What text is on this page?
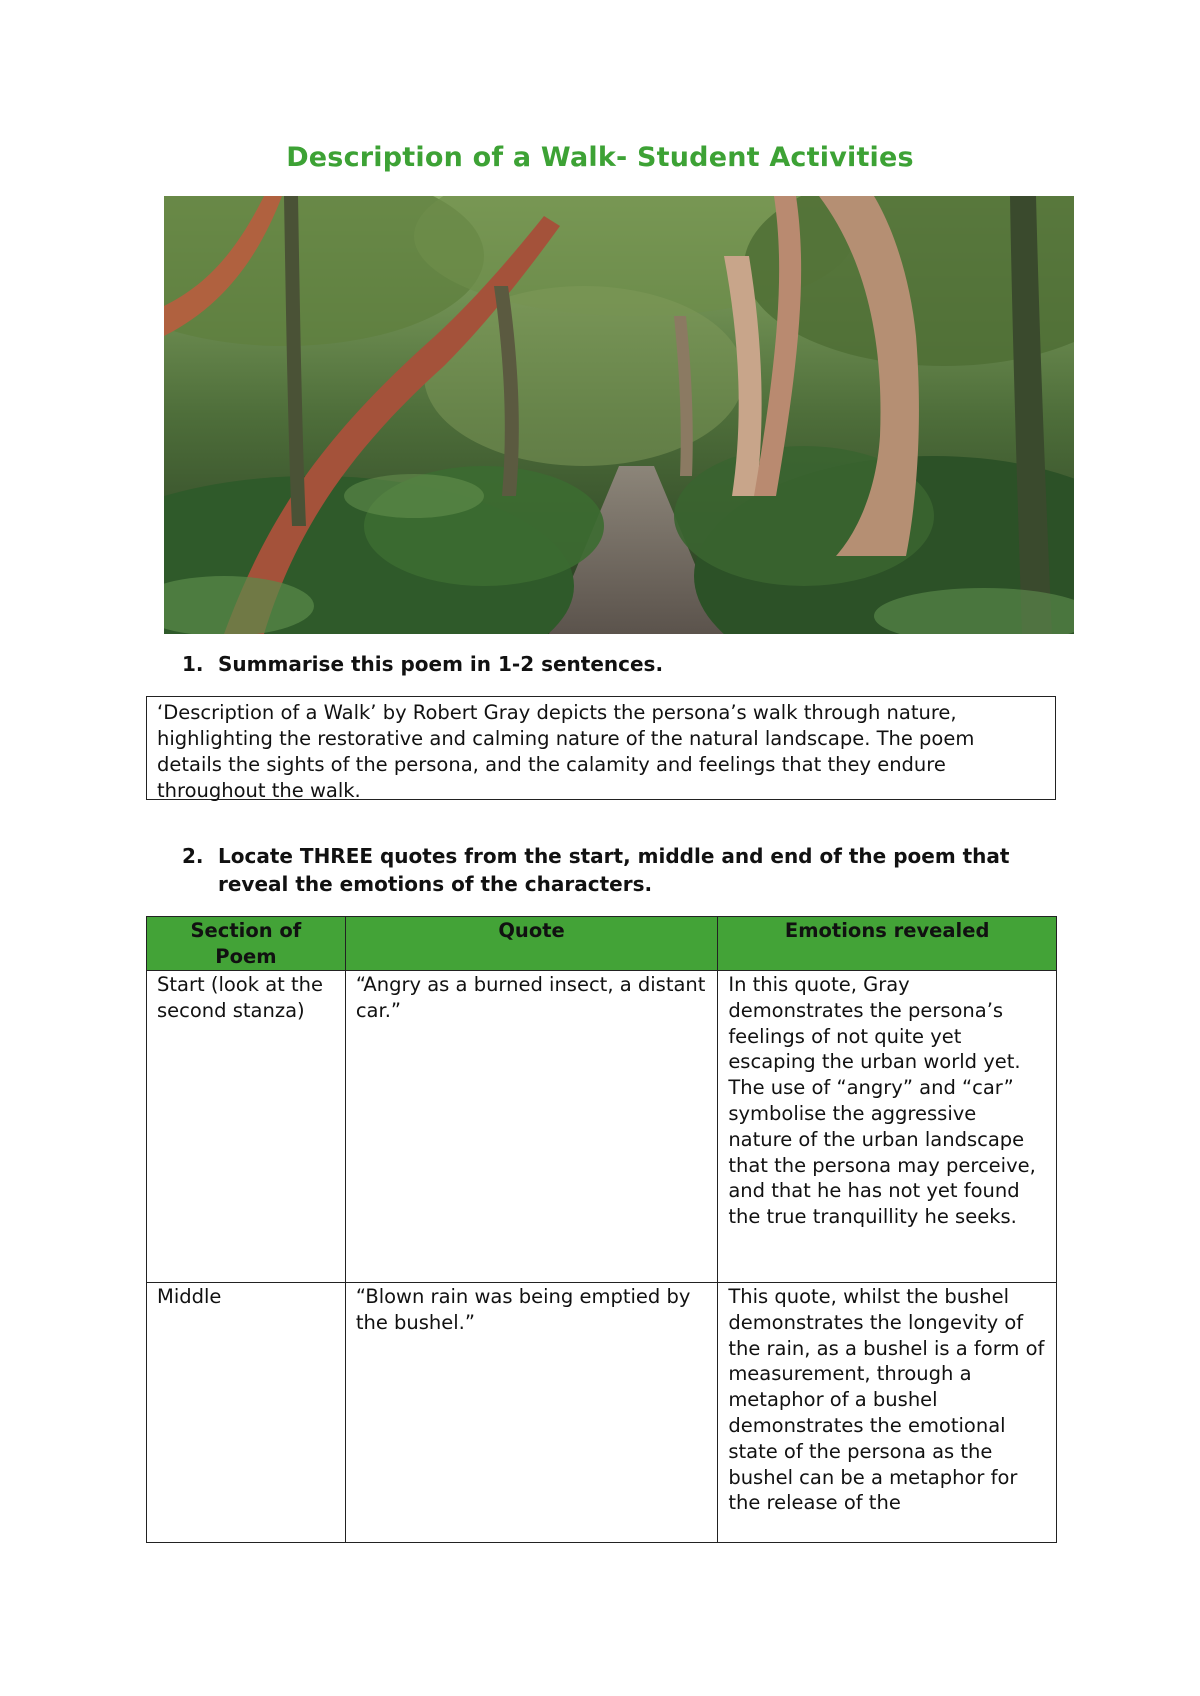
Description of a Walk- Student Activities
1. Summarise this poem in 1-2 sentences.
‘Description of a Walk’ by Robert Gray depicts the persona’s walk through nature, highlighting the restorative and calming nature of the natural landscape. The poem details the sights of the persona, and the calamity and feelings that they endure throughout the walk.
2. Locate THREE quotes from the start, middle and end of the poem that reveal the emotions of the characters.
Section of Poem	Quote	Emotions revealed
Start (look at the second stanza)	“Angry as a burned insect, a distant car.”	In this quote, Gray demonstrates the persona’s feelings of not quite yet escaping the urban world yet. The use of “angry” and “car” symbolise the aggressive nature of the urban landscape that the persona may perceive, and that he has not yet found the true tranquillity he seeks.
Middle	“Blown rain was being emptied by the bushel.”	This quote, whilst the bushel demonstrates the longevity of the rain, as a bushel is a form of measurement, through a metaphor of a bushel demonstrates the emotional state of the persona as the bushel can be a metaphor for the release of the
